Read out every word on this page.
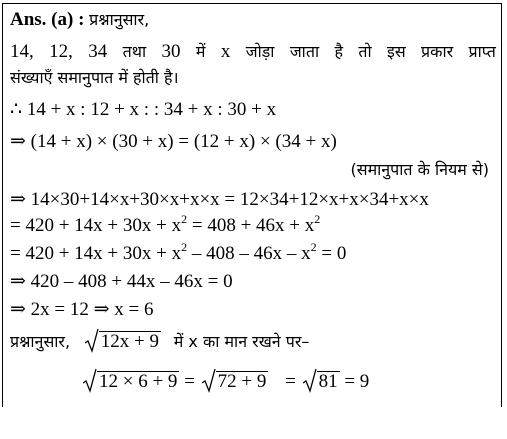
Ans. (a) : प्रश्नानुसार,
14, 12, 34 तथा 30 में x जोड़ा जाता है तो इस प्रकार प्राप्त
संख्याएँ समानुपात में होती है।
∴ 14 + x : 12 + x : : 34 + x : 30 + x
⇒ (14 + x) × (30 + x) = (12 + x) × (34 + x)
(समानुपात के नियम से)
⇒ 14×30+14×x+30×x+x×x = 12×34+12×x+x×34+x×x
= $420 + 14x + 30x + x^2 = 408 + 46x + x^2$
= $420 + 14x + 30x + x^2 - 408 - 46x - x^2 = 0$
⇒ 420 – 408 + 44x – 46x = 0
⇒ 2x = 12 ⇒ x = 6
प्रश्नानुसार, 12x + 9 में x का मान रखने पर–
12 × 6 + 9 = 72 + 9 = 81 = 9
